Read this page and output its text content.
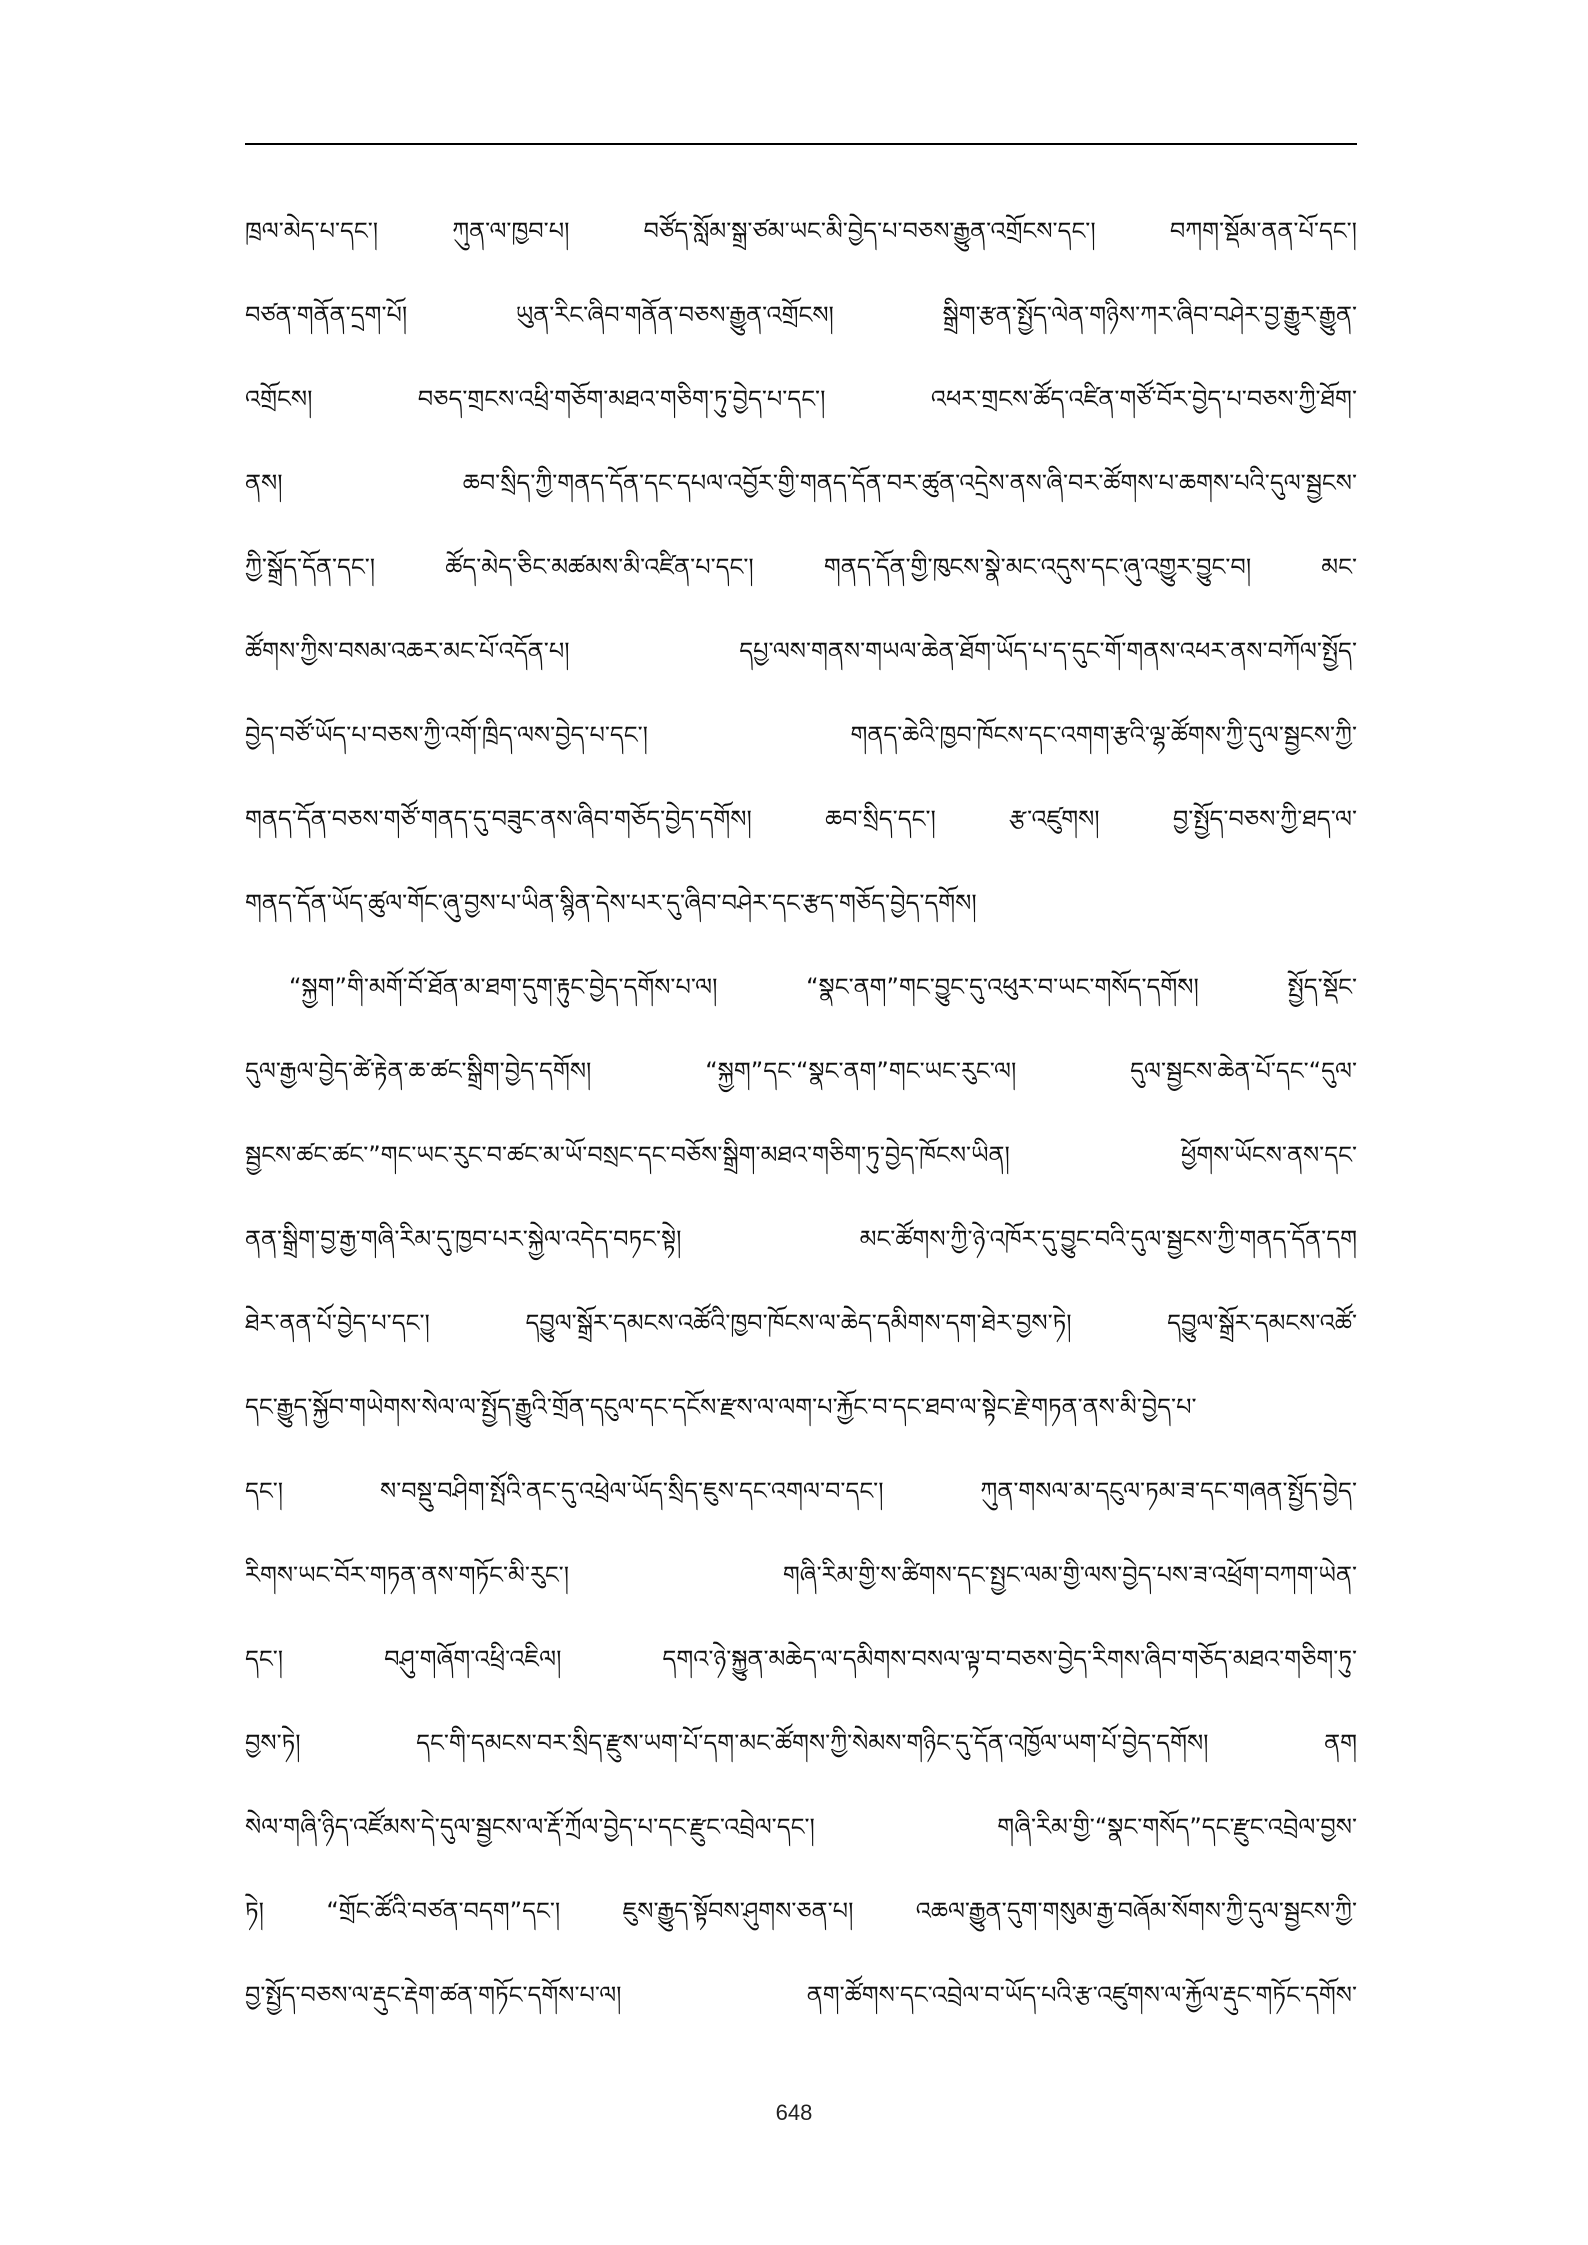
ཁྲལ་མེད་པ་དང་། ཀུན་ལ་ཁྱབ་པ། བཙོད་སློམ་སྒྲ་ཙམ་ཡང་མི་བྱེད་པ་བཅས་རྒྱུན་འགྲོངས་དང་། བཀག་སྡོམ་ནན་པོ་དང་།
བཙན་གནོན་དྲག་པོ། ཡུན་རིང་ཞིབ་གནོན་བཅས་རྒྱུན་འགྲོངས། སྒྲིག་རྩན་སྤྱོད་ལེན་གཉིས་ཀར་ཞིབ་བཤེར་བྱ་རྒྱུར་རྒྱུན་
འགྲོངས། བཅད་གྲངས་འཕྲི་གཅོག་མཐའ་གཅིག་ཏུ་བྱེད་པ་དང་། འཕར་གྲངས་ཚོད་འཛིན་གཙོ་བོར་བྱེད་པ་བཅས་ཀྱི་ཐོག་
ནས། ཆབ་སྲིད་ཀྱི་གནད་དོན་དང་དཔལ་འབྱོར་གྱི་གནད་དོན་བར་ཚུན་འདྲེས་ནས་ཞི་བར་ཚོགས་པ་ཆགས་པའི་དུལ་སྦྱངས་
ཀྱི་སྒྲོད་དོན་དང་། ཚོད་མེད་ཅིང་མཚམས་མི་འཛིན་པ་དང་། གནད་དོན་གྱི་ཁུངས་སྣེ་མང་འདུས་དང་ཞུ་འགྱུར་བྱུང་བ། མང་
ཚོགས་ཀྱིས་བསམ་འཆར་མང་པོ་འདོན་པ། དཔྱ་ལས་གནས་གཡལ་ཆེན་ཐོག་ཡོད་པ་ད་དུང་གོ་གནས་འཕར་ནས་བཀོལ་སྤྱོད་
བྱེད་བཙོ་ཡོད་པ་བཅས་ཀྱི་འགོ་ཁྲིད་ལས་བྱེད་པ་དང་། གནད་ཆེའི་ཁྱབ་ཁོངས་དང་འགག་རྩའི་ལྷ་ཚོགས་ཀྱི་དུལ་སྦྱངས་ཀྱི་
གནད་དོན་བཅས་གཙོ་གནད་དུ་བཟུང་ནས་ཞིབ་གཅོད་བྱེད་དགོས། ཆབ་སྲིད་དང་། རྩ་འཛུགས། བྱ་སྤྱོད་བཅས་ཀྱི་ཐད་ལ་
གནད་དོན་ཡོད་ཚུལ་གོང་ཞུ་བྱས་པ་ཡིན་སྙིན་དེས་པར་དུ་ཞིབ་བཤེར་དང་རྩད་གཅོད་བྱེད་དགོས།
“སྐྱག”གི་མགོ་བོ་ཐོན་མ་ཐག་དུག་རྟུང་བྱེད་དགོས་པ་ལ། “སྣང་ནག”གང་བྱུང་དུ་འཕུར་བ་ཡང་གསོད་དགོས། སྤྱོད་སྡོང་
དུལ་རྒྱལ་བྱེད་ཚེ་རྟེན་ཆ་ཚང་སྒྲིག་བྱེད་དགོས། “སྐྱག”དང་“སྣང་ནག”གང་ཡང་རུང་ལ། དུལ་སྦྱངས་ཆེན་པོ་དང་“དུལ་
སྦྱངས་ཚང་ཚང་”གང་ཡང་རུང་བ་ཚང་མ་ཡོ་བསྲང་དང་བཅོས་སྒྲིག་མཐའ་གཅིག་ཏུ་བྱེད་ཁོངས་ཡིན། ཕྱོགས་ཡོངས་ནས་དང་
ནན་སྒྲིག་བྱ་རྒྱ་གཞི་རིམ་དུ་ཁྱབ་པར་སྐྱེལ་འདེད་བཏང་སྟེ། མང་ཚོགས་ཀྱི་ཉེ་འཁོར་དུ་བྱུང་བའི་དུལ་སྦྱངས་ཀྱི་གནད་དོན་དག
ཐེར་ནན་པོ་བྱེད་པ་དང་། དབྱུལ་སྒྲོར་དམངས་འཚོའི་ཁྱབ་ཁོངས་ལ་ཆེད་དམིགས་དག་ཐེར་བྱས་ཏེ། དབྱུལ་སྒྲོར་དམངས་འཚོ་
དང་རྒྱུད་སྐྱོབ་གཡེགས་སེལ་ལ་སྤྱོད་རྒྱུའི་གྲོན་དངུལ་དང་དངོས་རྫས་ལ་ལག་པ་རྐྱོང་བ་དང་ཐབ་ལ་སྟེང་རྗེ་གཏན་ནས་མི་བྱེད་པ་
དང་། ས་བསྡུ་བཤིག་སྤོའི་ནང་དུ་འཕྲེལ་ཡོད་སྲིད་ཇུས་དང་འགལ་བ་དང་། ཀུན་གསལ་མ་དངུལ་ཏམ་ཟ་དང་གཞན་སྤྱོད་བྱེད་
རིགས་ཡང་བོར་གཏན་ནས་གཏོང་མི་རུང་། གཞི་རིམ་གྱི་ས་ཚིགས་དང་སྤྱང་ལམ་གྱི་ལས་བྱེད་པས་ཟ་འཕྲོག་བཀག་ཡེན་
དང་། བཤུ་གཞོག་འཕྲི་འཇིལ། དགའ་ཉེ་སྐྱུན་མཆེད་ལ་དམིགས་བསལ་ལྟ་བ་བཅས་བྱེད་རིགས་ཞིབ་གཅོད་མཐའ་གཅིག་ཏུ་
བྱས་ཏེ། དང་གི་དམངས་བར་སྲིད་རྫུས་ཡག་པོ་དག་མང་ཚོགས་ཀྱི་སེམས་གཉིང་དུ་དོན་འཁྱོལ་ཡག་པོ་བྱེད་དགོས། ནག
སེལ་གཞི་ཉིད་འཛོམས་དེ་དུལ་སྦྱངས་ལ་རྡོ་ཀྲོལ་བྱེད་པ་དང་རྫུང་འབྲེལ་དང་། གཞི་རིམ་གྱི་“སྣང་གསོད”དང་རྫུང་འབྲེལ་བྱས་
ཏེ། “གྲོང་ཚོའི་བཙན་བདག”དང་། ཇུས་རྒྱུད་སྟོབས་ཤུགས་ཅན་པ། འཆལ་རྒྱུན་དུག་གསུམ་རྒྱ་བཞོམ་སོགས་ཀྱི་དུལ་སྦྱངས་ཀྱི་
བྱ་སྤྱོད་བཅས་ལ་རྡུང་རྡེག་ཚན་གཏོང་དགོས་པ་ལ། ནག་ཚོགས་དང་འབྲེལ་བ་ཡོད་པའི་རྩ་འཛུགས་ལ་རྐྱོལ་རྡུང་གཏོང་དགོས་
648
